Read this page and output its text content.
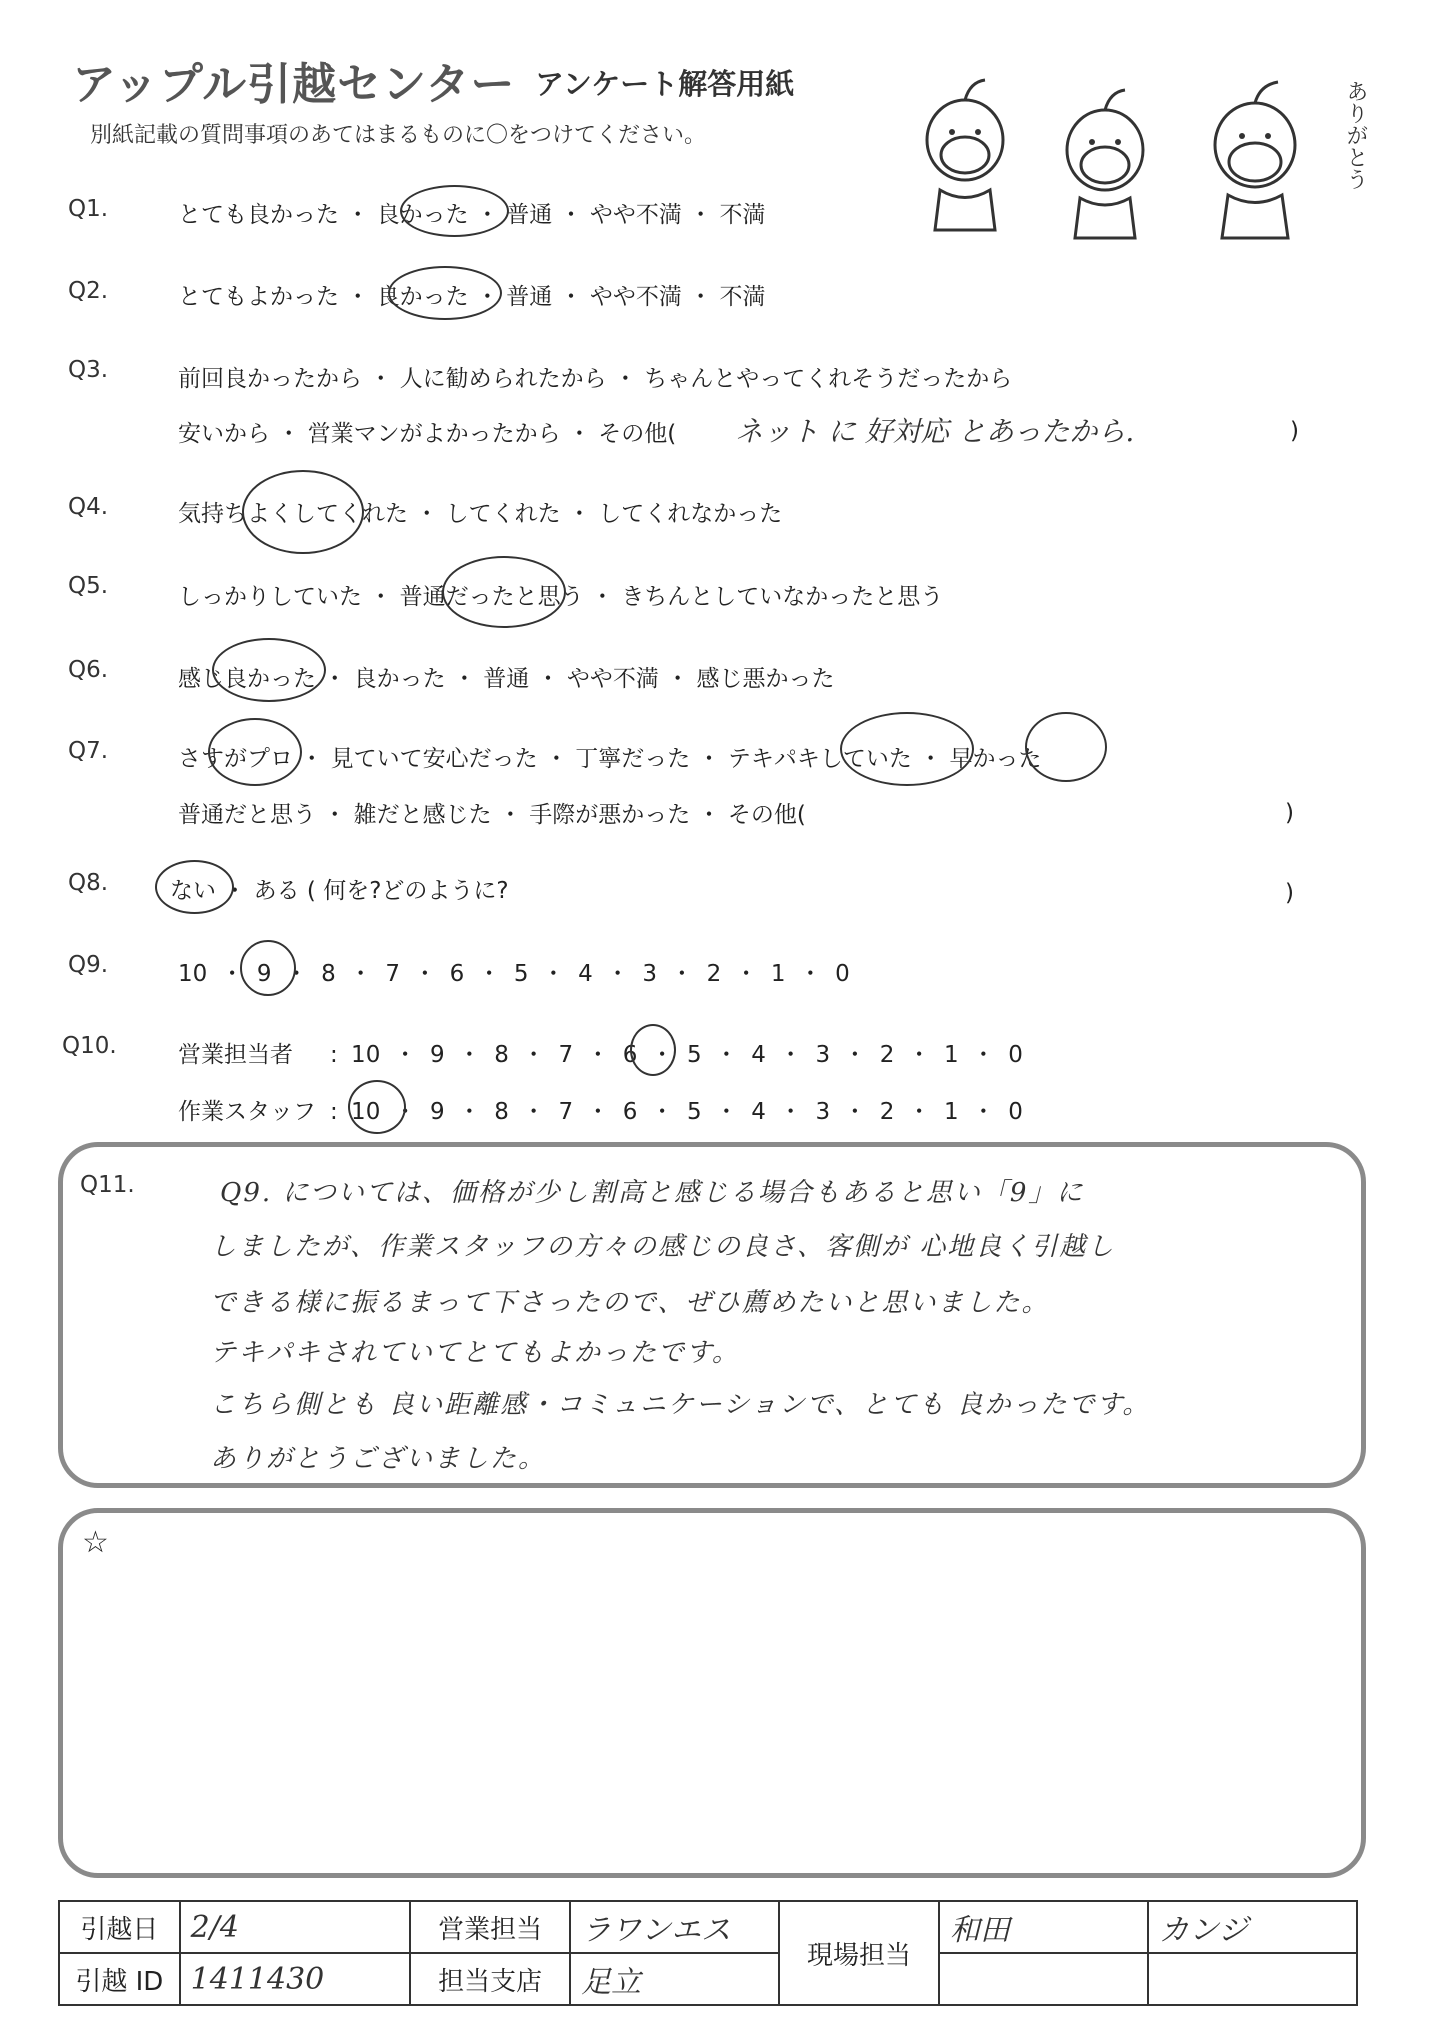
アップル引越センター アンケート解答用紙
別紙記載の質問事項のあてはまるものに〇をつけてください。	ありがとう
Q1.	とても良かった ・ 良かった ・ 普通 ・ やや不満 ・ 不満
Q2.	とてもよかった ・ 良かった ・ 普通 ・ やや不満 ・ 不満
Q3.	前回良かったから ・ 人に勧められたから ・ ちゃんとやってくれそうだったから
安いから ・ 営業マンがよかったから ・ その他( ネット に 好対応 とあったから.	)
Q4.	気持ちよくしてくれた ・ してくれた ・ してくれなかった
Q5.	しっかりしていた ・ 普通だったと思う ・ きちんとしていなかったと思う
Q6.	感じ良かった ・ 良かった ・ 普通 ・ やや不満 ・ 感じ悪かった
Q7.	さすがプロ ・ 見ていて安心だった ・ 丁寧だった ・ テキパキしていた ・ 早かった
普通だと思う ・ 雑だと感じた ・ 手際が悪かった ・ その他(	)
Q8.	ない ・ ある ( 何を?どのように?	)
Q9.	10 ・ 9 ・ 8 ・ 7 ・ 6 ・ 5 ・ 4 ・ 3 ・ 2 ・ 1 ・ 0
Q10.	営業担当者 : 10 ・ 9 ・ 8 ・ 7 ・ 6 ・ 5 ・ 4 ・ 3 ・ 2 ・ 1 ・ 0
作業スタッフ : 10 ・ 9 ・ 8 ・ 7 ・ 6 ・ 5 ・ 4 ・ 3 ・ 2 ・ 1 ・ 0
Q11.	Q9. については、価格が少し割高と感じる場合もあると思い「9」に
しましたが、作業スタッフの方々の感じの良さ、客側が 心地良く引越し
できる様に振るまって下さったので、ぜひ薦めたいと思いました。
テキパキされていてとてもよかったです。
こちら側とも 良い距離感・コミュニケーションで、とても 良かったです。
ありがとうございました。
☆
引越日	2/4	営業担当	ラワンエス	現場担当	和田	カンジ
引越 ID	1411430	担当支店	足立			
